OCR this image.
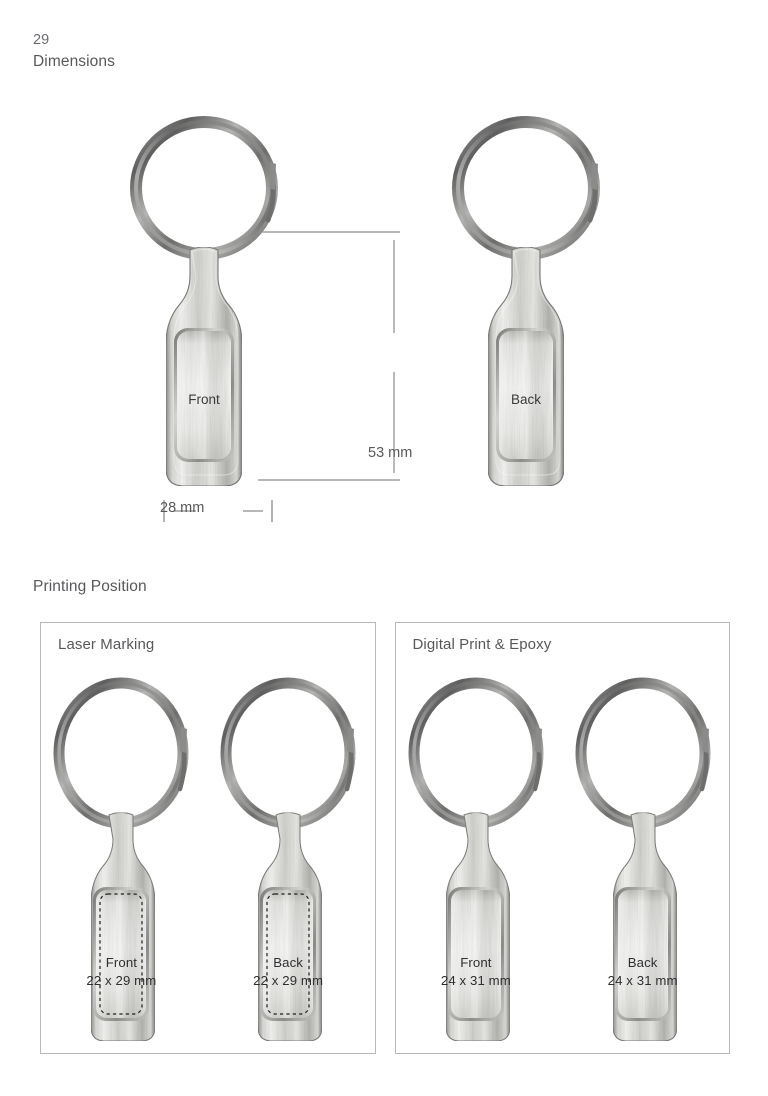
29
Dimensions
Front	Back
53 mm
28 mm
Printing Position
Laser Marking
Front
22 x 29 mm
Back
22 x 29 mm
Digital Print & Epoxy
Front
24 x 31 mm
Back
24 x 31 mm
